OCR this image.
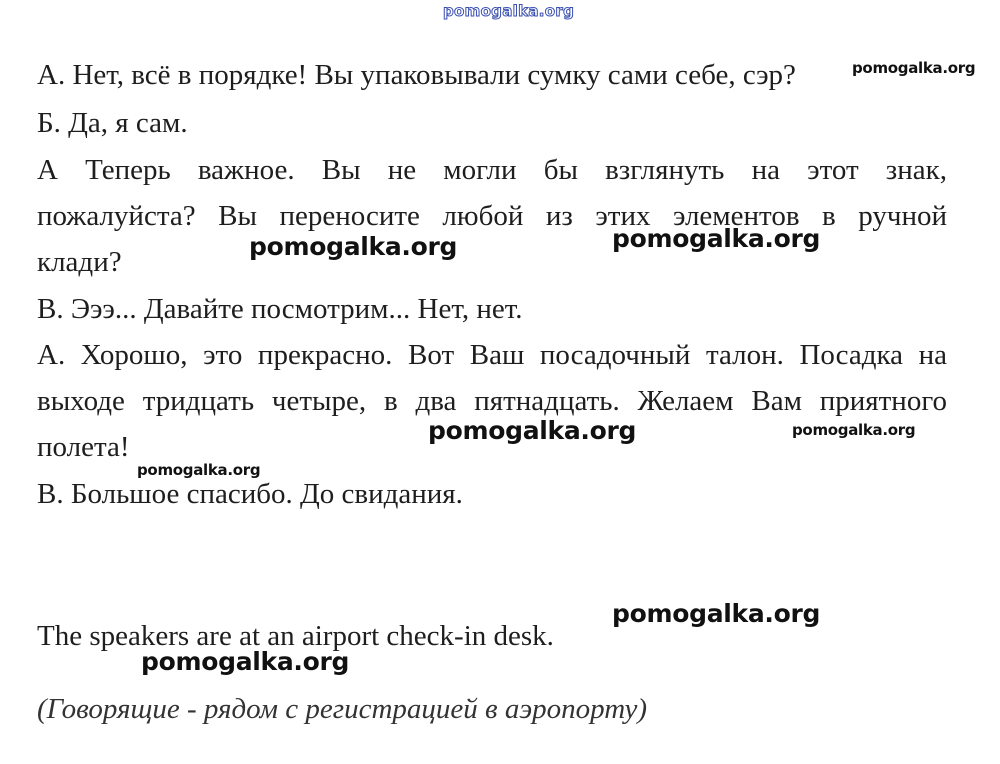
pomogalka.org
А. Нет, всё в порядке! Вы упаковывали сумку сами себе, сэр?
Б. Да, я сам.
А Теперь важное. Вы не могли бы взглянуть на этот знак,
пожалуйста? Вы переносите любой из этих элементов в ручной
клади?
В. Эээ... Давайте посмотрим... Нет, нет.
А. Хорошо, это прекрасно. Вот Ваш посадочный талон. Посадка на
выходе тридцать четыре, в два пятнадцать. Желаем Вам приятного
полета!
В. Большое спасибо. До свидания.
The speakers are at an airport check-in desk.
(Говорящие - рядом с регистрацией в аэропорту)
pomogalka.org
pomogalka.org	pomogalka.org
pomogalka.org	pomogalka.org
pomogalka.org
pomogalka.org
pomogalka.org
